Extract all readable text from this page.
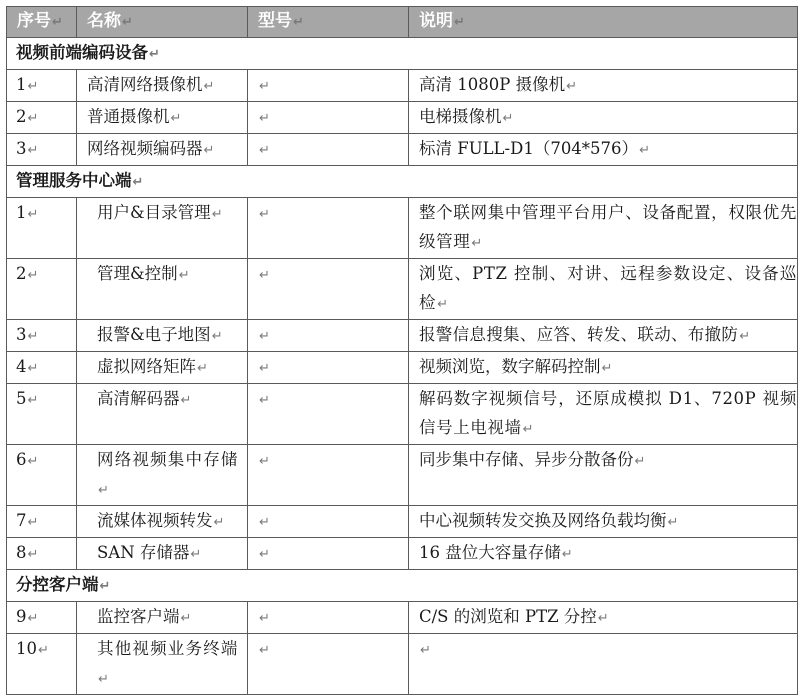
序号↵	名称↵	型号↵	说明↵
视频前端编码设备↵			
1↵	高清网络摄像机↵	↵	高清 1080P 摄像机↵
2↵	普通摄像机↵	↵	电梯摄像机↵
3↵	网络视频编码器↵	↵	标清 FULL-D1（704*576）↵
管理服务中心端↵			
1↵	用户&目录管理↵	↵	整个联网集中管理平台用户、设备配置，权限优先级管理↵
2↵	管理&控制↵	↵	浏览、PTZ 控制、对讲、远程参数设定、设备巡检↵
3↵	报警&电子地图↵	↵	报警信息搜集、应答、转发、联动、布撤防↵
4↵	虚拟网络矩阵↵	↵	视频浏览，数字解码控制↵
5↵	高清解码器↵	↵	解码数字视频信号，还原成模拟 D1、720P 视频信号上电视墙↵
6↵	网络视频集中存储↵	↵	同步集中存储、异步分散备份↵
7↵	流媒体视频转发↵	↵	中心视频转发交换及网络负载均衡↵
8↵	SAN 存储器↵	↵	16 盘位大容量存储↵
分控客户端↵			
9↵	监控客户端↵	↵	C/S 的浏览和 PTZ 分控↵
10↵	其他视频业务终端↵	↵	↵
